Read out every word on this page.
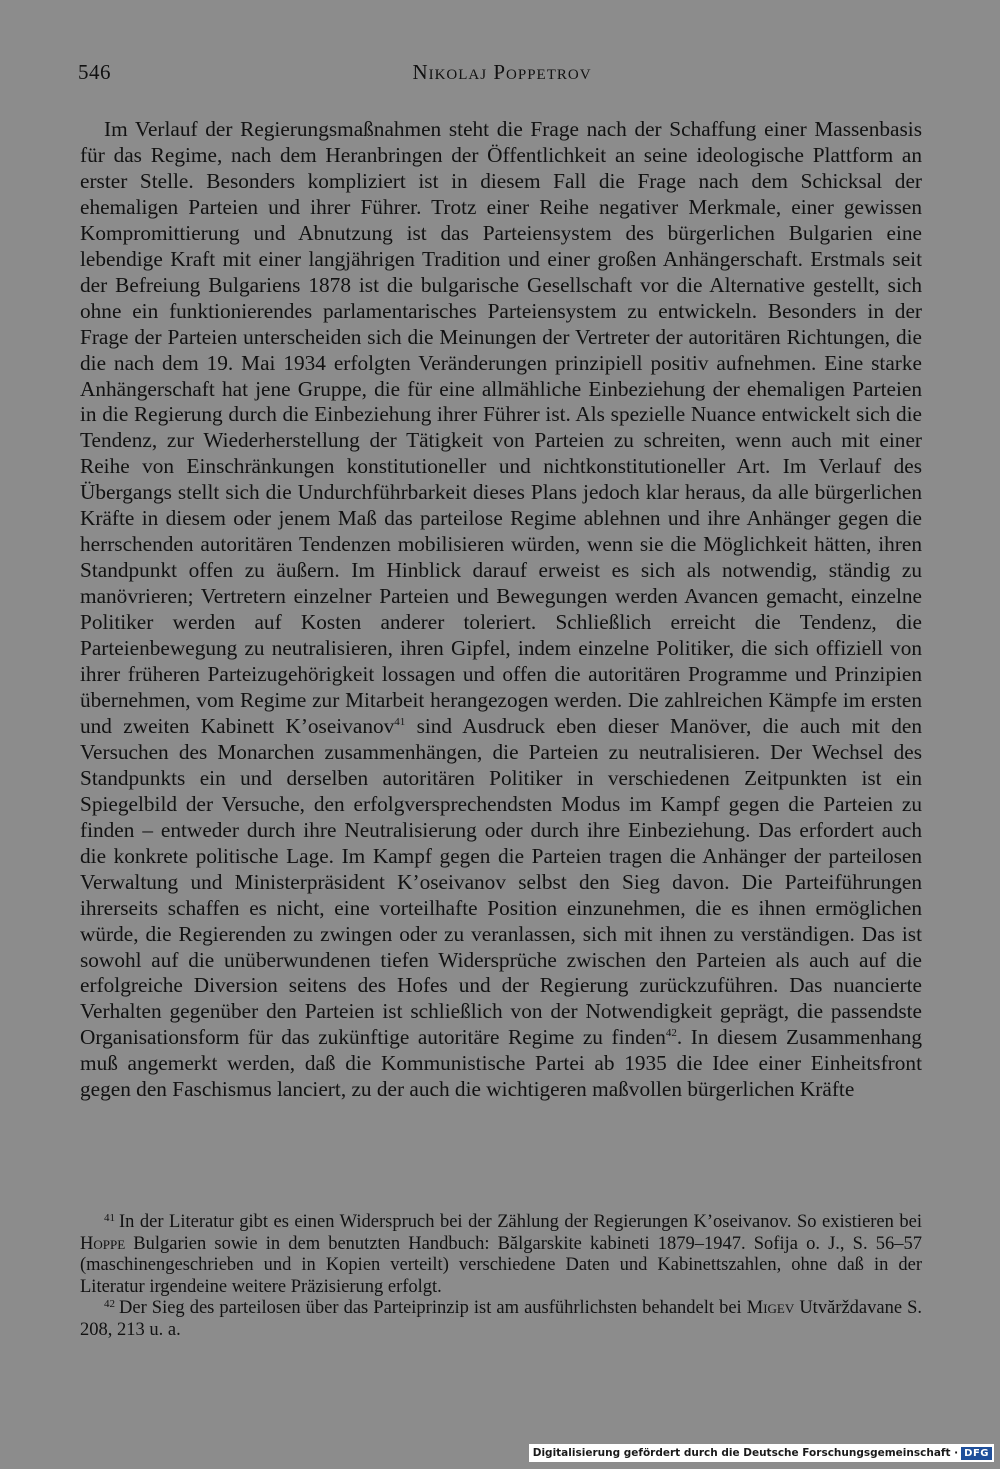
546	Nikolaj Poppetrov

Im Verlauf der Regierungsmaßnahmen steht die Frage nach der Schaffung einer Massenbasis für das Regime, nach dem Heranbringen der Öffentlichkeit an seine ideologische Plattform an erster Stelle. Besonders kompliziert ist in diesem Fall die Frage nach dem Schicksal der ehemaligen Parteien und ihrer Führer. Trotz einer Reihe negativer Merkmale, einer gewissen Kompromittierung und Abnutzung ist das Parteiensystem des bürgerlichen Bulgarien eine lebendige Kraft mit einer langjährigen Tradition und einer großen Anhängerschaft. Erstmals seit der Befreiung Bulgariens 1878 ist die bulgarische Gesellschaft vor die Alternative gestellt, sich ohne ein funktionierendes parlamentarisches Parteiensystem zu entwickeln. Besonders in der Frage der Parteien unterscheiden sich die Meinungen der Vertreter der autoritären Richtungen, die die nach dem 19. Mai 1934 erfolgten Veränderungen prinzipiell positiv aufnehmen. Eine starke Anhängerschaft hat jene Gruppe, die für eine allmähliche Einbeziehung der ehemaligen Parteien in die Regierung durch die Einbeziehung ihrer Führer ist. Als spezielle Nuance entwickelt sich die Tendenz, zur Wiederherstellung der Tätigkeit von Parteien zu schreiten, wenn auch mit einer Reihe von Einschränkungen konstitutioneller und nichtkonstitutioneller Art. Im Verlauf des Übergangs stellt sich die Undurchführbarkeit dieses Plans jedoch klar heraus, da alle bürgerlichen Kräfte in diesem oder jenem Maß das parteilose Regime ablehnen und ihre Anhänger gegen die herrschenden autoritären Tendenzen mobilisieren würden, wenn sie die Möglichkeit hätten, ihren Standpunkt offen zu äußern. Im Hinblick darauf erweist es sich als notwendig, ständig zu manövrieren; Vertretern einzelner Parteien und Bewegungen werden Avancen gemacht, einzelne Politiker werden auf Kosten anderer toleriert. Schließlich erreicht die Tendenz, die Parteienbewegung zu neutralisieren, ihren Gipfel, indem einzelne Politiker, die sich offiziell von ihrer früheren Parteizugehörigkeit lossagen und offen die autoritären Programme und Prinzipien übernehmen, vom Regime zur Mitarbeit herangezogen werden. Die zahlreichen Kämpfe im ersten und zweiten Kabinett K’oseivanov$^{41}$ sind Ausdruck eben dieser Manöver, die auch mit den Versuchen des Monarchen zusammenhängen, die Parteien zu neutralisieren. Der Wechsel des Standpunkts ein und derselben autoritären Politiker in verschiedenen Zeitpunkten ist ein Spiegelbild der Versuche, den erfolgversprechendsten Modus im Kampf gegen die Parteien zu finden – entweder durch ihre Neutralisierung oder durch ihre Einbeziehung. Das erfordert auch die konkrete politische Lage. Im Kampf gegen die Parteien tragen die Anhänger der parteilosen Verwaltung und Ministerpräsident K’oseivanov selbst den Sieg davon. Die Parteiführungen ihrerseits schaffen es nicht, eine vorteilhafte Position einzunehmen, die es ihnen ermöglichen würde, die Regierenden zu zwingen oder zu veranlassen, sich mit ihnen zu verständigen. Das ist sowohl auf die unüberwundenen tiefen Widersprüche zwischen den Parteien als auch auf die erfolgreiche Diversion seitens des Hofes und der Regierung zurückzuführen. Das nuancierte Verhalten gegenüber den Parteien ist schließlich von der Notwendigkeit geprägt, die passendste Organisationsform für das zukünftige autoritäre Regime zu finden$^{42}$. In diesem Zusammenhang muß angemerkt werden, daß die Kommunistische Partei ab 1935 die Idee einer Einheitsfront gegen den Faschismus lanciert, zu der auch die wichtigeren maßvollen bürgerlichen Kräfte

$^{41}$ In der Literatur gibt es einen Widerspruch bei der Zählung der Regierungen K’oseivanov. So existieren bei Hoppe Bulgarien sowie in dem benutzten Handbuch: Bălgarskite kabineti 1879–1947. Sofija o. J., S. 56–57 (maschinengeschrieben und in Kopien verteilt) verschiedene Daten und Kabinettszahlen, ohne daß in der Literatur irgendeine weitere Präzisierung erfolgt.

$^{42}$ Der Sieg des parteilosen über das Parteiprinzip ist am ausführlichsten behandelt bei Migev Utvărždavane S. 208, 213 u. a.

Digitalisierung gefördert durch die Deutsche Forschungsgemeinschaft · DFG
